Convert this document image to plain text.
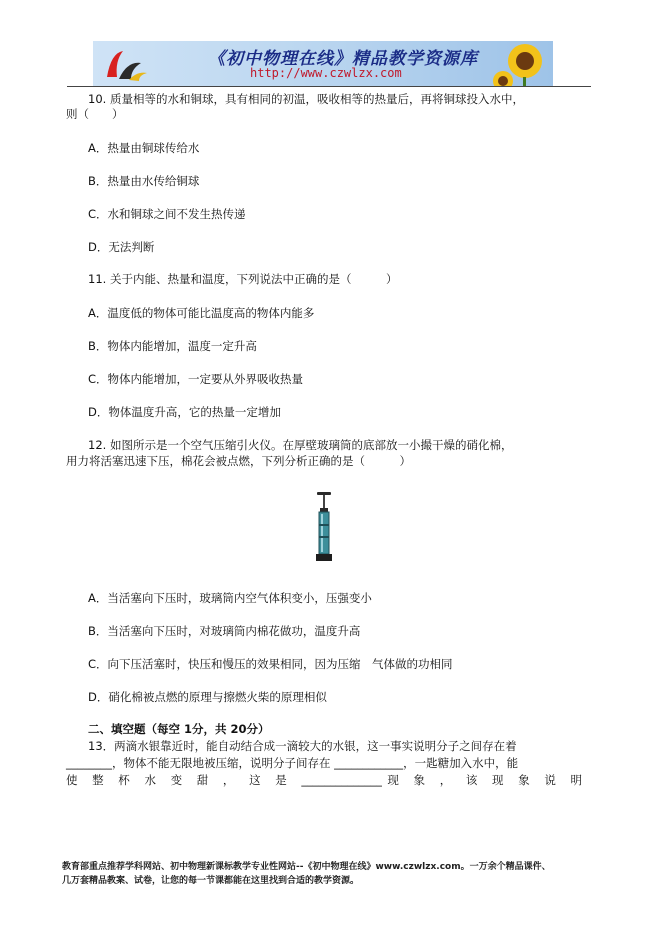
《初中物理在线》精品教学资源库
http://www.czwlzx.com
10. 质量相等的水和铜球，具有相同的初温，吸收相等的热量后，再将铜球投入水中，
则（　　）
A．热量由铜球传给水
B．热量由水传给铜球
C．水和铜球之间不发生热传递
D．无法判断
11. 关于内能、热量和温度，下列说法中正确的是（　　　）
A．温度低的物体可能比温度高的物体内能多
B．物体内能增加，温度一定升高
C．物体内能增加，一定要从外界吸收热量
D．物体温度升高，它的热量一定增加
12. 如图所示是一个空气压缩引火仪。在厚壁玻璃筒的底部放一小撮干燥的硝化棉，
用力将活塞迅速下压，棉花会被点燃，下列分析正确的是（　　　）
A．当活塞向下压时，玻璃筒内空气体积变小，压强变小
B．当活塞向下压时，对玻璃筒内棉花做功，温度升高
C．向下压活塞时，快压和慢压的效果相同，因为压缩　气体做的功相同
D．硝化棉被点燃的原理与擦燃火柴的原理相似
二、填空题（每空 1分，共 20分）
13．两滴水银靠近时，能自动结合成一滴较大的水银，这一事实说明分子之间存在着
________，物体不能无限地被压缩，说明分子间存在 ____________，一匙糖加入水中，能
使 整 杯 水 变 甜 ， 这 是 ______________现 象 ， 该 现 象 说 明
教育部重点推荐学科网站、初中物理新课标教学专业性网站--《初中物理在线》www.czwlzx.com。一万余个精品课件、
几万套精品教案、试卷，让您的每一节课都能在这里找到合适的教学资源。
